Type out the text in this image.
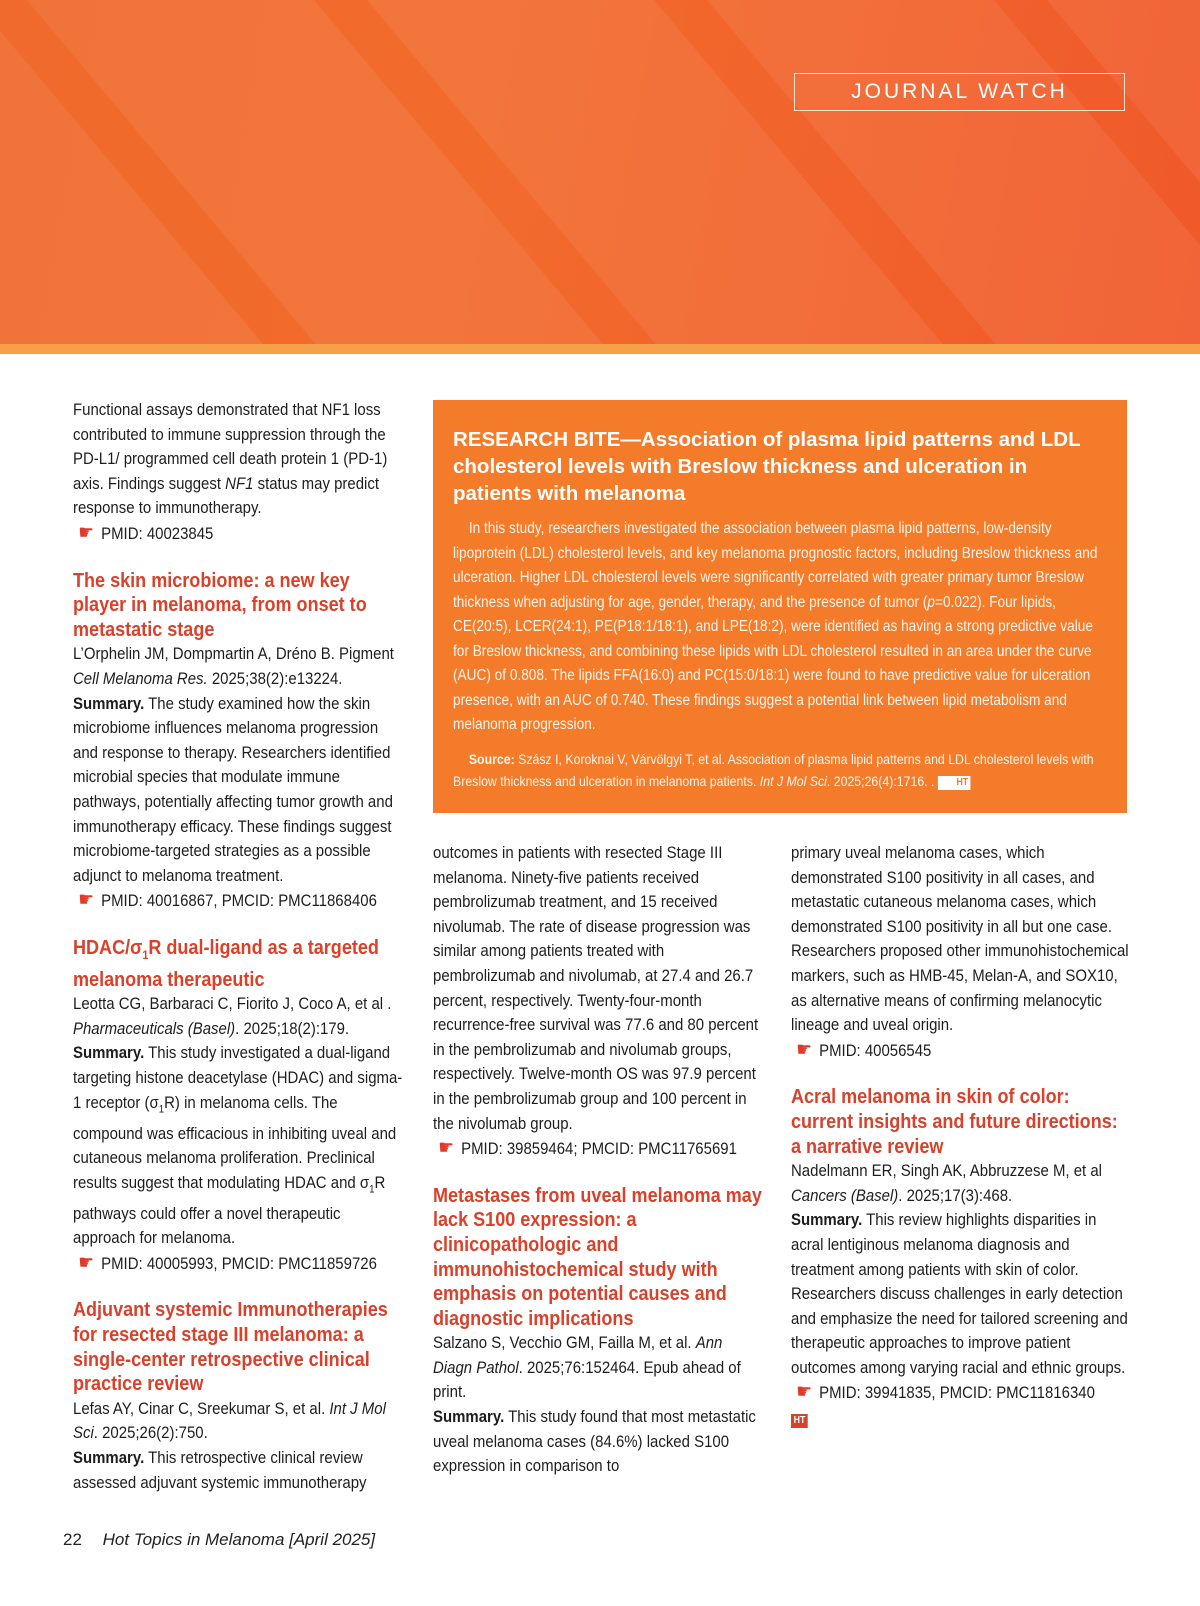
JOURNAL WATCH

Functional assays demonstrated that NF1 loss contributed to immune suppression through the PD-L1/ programmed cell death protein 1 (PD-1) axis. Findings suggest NF1 status may predict response to immunotherapy.

☛ PMID: 40023845

The skin microbiome: a new key player in melanoma, from onset to metastatic stage

L’Orphelin JM, Dompmartin A, Dréno B. Pigment Cell Melanoma Res. 2025;38(2):e13224.

Summary. The study examined how the skin microbiome influences melanoma progression and response to therapy. Researchers identified microbial species that modulate immune pathways, potentially affecting tumor growth and immunotherapy efficacy. These findings suggest microbiome-targeted strategies as a possible adjunct to melanoma treatment.

☛ PMID: 40016867, PMCID: PMC11868406

HDAC/$\sigma_1R$ dual-ligand as a targeted melanoma therapeutic

Leotta CG, Barbaraci C, Fiorito J, Coco A, et al . Pharmaceuticals (Basel). 2025;18(2):179.

Summary. This study investigated a dual-ligand targeting histone deacetylase (HDAC) and sigma-1 receptor $(\sigma_1R)$ in melanoma cells. The compound was efficacious in inhibiting uveal and cutaneous melanoma proliferation. Preclinical results suggest that modulating HDAC and $\sigma_1R$ pathways could offer a novel therapeutic approach for melanoma.

☛ PMID: 40005993, PMCID: PMC11859726

Adjuvant systemic Immunotherapies for resected stage III melanoma: a single-center retrospective clinical practice review

Lefas AY, Cinar C, Sreekumar S, et al. Int J Mol Sci. 2025;26(2):750.

Summary. This retrospective clinical review assessed adjuvant systemic immunotherapy

RESEARCH BITE—Association of plasma lipid patterns and LDL cholesterol levels with Breslow thickness and ulceration in patients with melanoma

In this study, researchers investigated the association between plasma lipid patterns, low-density lipoprotein (LDL) cholesterol levels, and key melanoma prognostic factors, including Breslow thickness and ulceration. Higher LDL cholesterol levels were significantly correlated with greater primary tumor Breslow thickness when adjusting for age, gender, therapy, and the presence of tumor (p=0.022). Four lipids, CE(20:5), LCER(24:1), PE(P18:1/18:1), and LPE(18:2), were identified as having a strong predictive value for Breslow thickness, and combining these lipids with LDL cholesterol resulted in an area under the curve (AUC) of 0.808. The lipids FFA(16:0) and PC(15:0/18:1) were found to have predictive value for ulceration presence, with an AUC of 0.740. These findings suggest a potential link between lipid metabolism and melanoma progression.

Source: Szász I, Koroknai V, Várvölgyi T, et al. Association of plasma lipid patterns and LDL cholesterol levels with Breslow thickness and ulceration in melanoma patients. Int J Mol Sci. 2025;26(4):1716. . HT

outcomes in patients with resected Stage III melanoma. Ninety-five patients received pembrolizumab treatment, and 15 received nivolumab. The rate of disease progression was similar among patients treated with pembrolizumab and nivolumab, at 27.4 and 26.7 percent, respectively. Twenty-four-month recurrence-free survival was 77.6 and 80 percent in the pembrolizumab and nivolumab groups, respectively. Twelve-month OS was 97.9 percent in the pembrolizumab group and 100 percent in the nivolumab group.

☛ PMID: 39859464; PMCID: PMC11765691

Metastases from uveal melanoma may lack S100 expression: a clinicopathologic and immunohistochemical study with emphasis on potential causes and diagnostic implications

Salzano S, Vecchio GM, Failla M, et al. Ann Diagn Pathol. 2025;76:152464. Epub ahead of print.

Summary. This study found that most metastatic uveal melanoma cases (84.6%) lacked S100 expression in comparison to

primary uveal melanoma cases, which demonstrated S100 positivity in all cases, and metastatic cutaneous melanoma cases, which demonstrated S100 positivity in all but one case. Researchers proposed other immunohistochemical markers, such as HMB-45, Melan-A, and SOX10, as alternative means of confirming melanocytic lineage and uveal origin.

☛ PMID: 40056545

Acral melanoma in skin of color: current insights and future directions: a narrative review

Nadelmann ER, Singh AK, Abbruzzese M, et al Cancers (Basel). 2025;17(3):468.

Summary. This review highlights disparities in acral lentiginous melanoma diagnosis and treatment among patients with skin of color. Researchers discuss challenges in early detection and emphasize the need for tailored screening and therapeutic approaches to improve patient outcomes among varying racial and ethnic groups.

☛ PMID: 39941835, PMCID: PMC11816340

HT

22 Hot Topics in Melanoma [April 2025]
